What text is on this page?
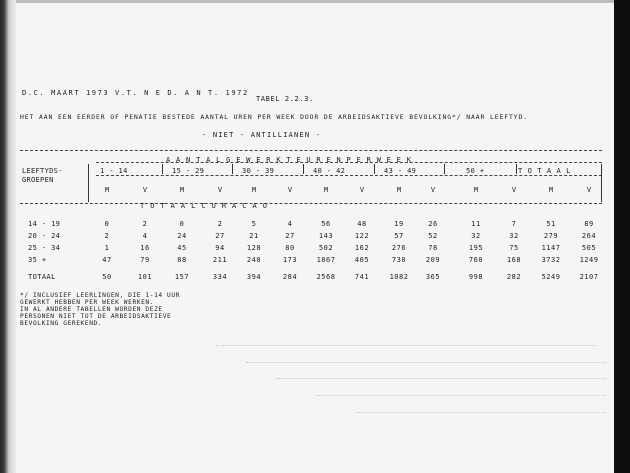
D.C. MAART 1973 V.T. N E D. A N T. 1972
TABEL 2.2.3.
HET AAN EEN EERDER OF PENATIE BESTEDE AANTAL UREN PER WEEK DOOR DE ARBEIDSAKTIEVE BEVOLKING*/ NAAR LEEFTYD.
- NIET - ANTILLIANEN -
LEEFTYDS-
GROEPEN
A A N T A L G E W E R K T E U R E N P E R W E E K
T O T A A L
1 - 14	15 - 29	30 - 39	40 - 42	43 - 49	50 +
M	V	M	V	M	V	M	V	M	V	M	V	M	V
T O T A A L C U R A C A O
14 - 19	0	2	0	2	5	4	56	48	19	26	11	7	51	89
20 - 24	2	4	24	27	21	27	143	122	57	52	32	32	279	264
25 - 34	1	16	45	94	128	80	502	162	276	78	195	75	1147	505
35 +	47	79	88	211	240	173	1867	405	730	209	760	168	3732	1249
TOTAAL	50	101	157	334	394	284	2568	741	1082	365	998	282	5249	2107
*/ INCLUSIEF LEERLINGEN, DIE 1-14 UUR
GEWERKT HEBBEN PER WEEK WERKEN.
IN AL ANDERE TABELLEN WORDEN DEZE
PERSONEN NIET TOT DE ARBEIDSAKTIEVE
BEVOLKING GEREKEND.
